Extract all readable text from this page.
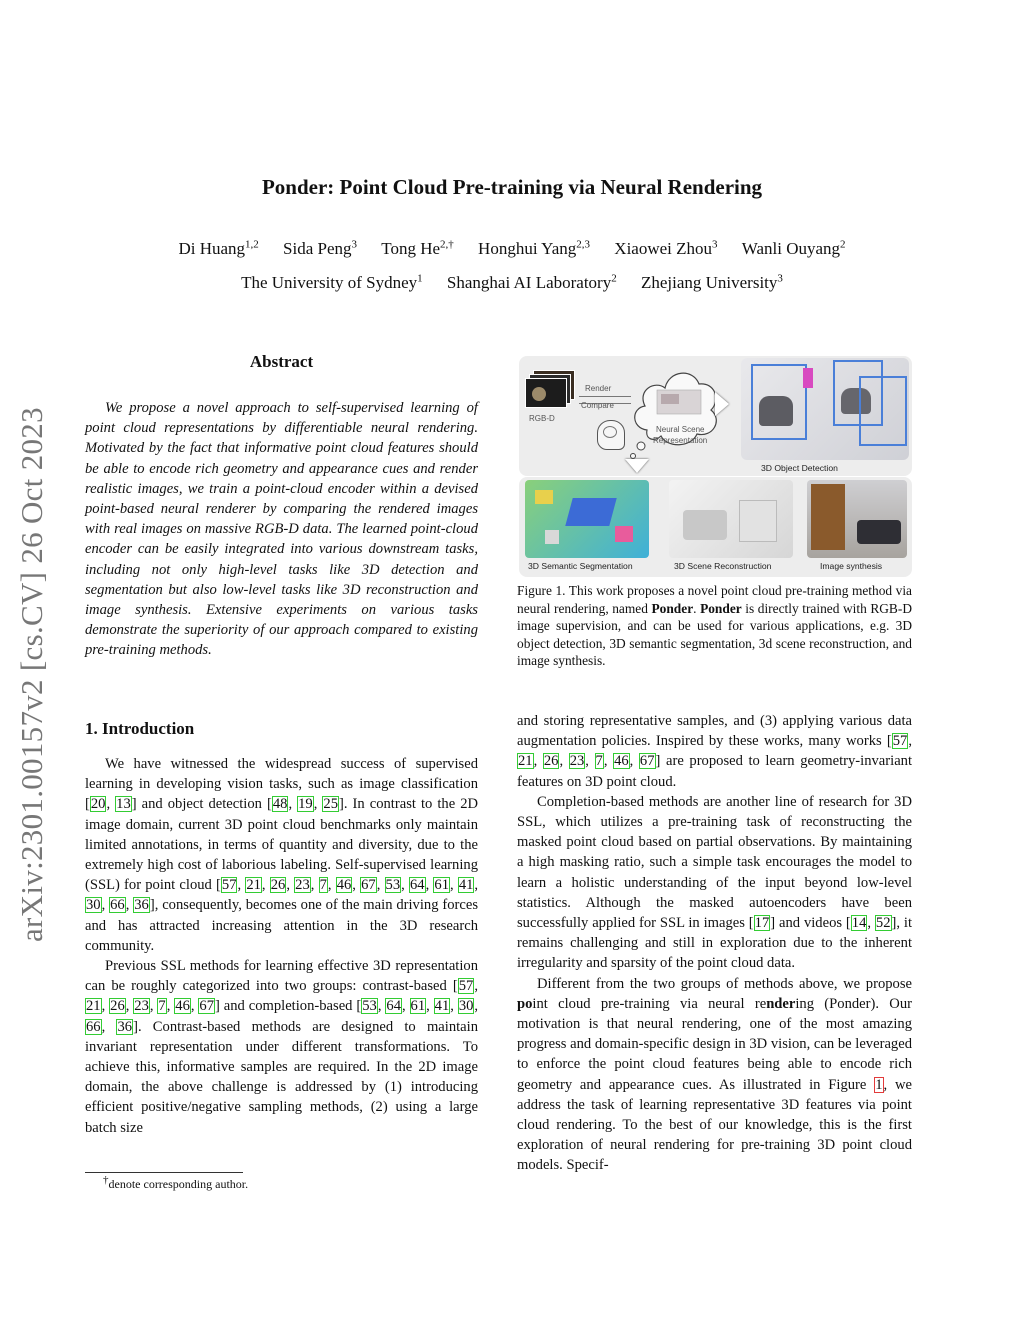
Ponder: Point Cloud Pre-training via Neural Rendering
Di Huang$^{1,2}$ Sida Peng$^3$ Tong $He^{2,\dagger}$ Honghui Yang$^{2,3}$ Xiaowei Zhou$^3$ Wanli Ouyang$^2$
The University of Sydney$^1$ Shanghai AI Laboratory$^2$ Zhejiang University$^3$
arXiv:2301.00157v2 [cs.CV] 26 Oct 2023
Abstract

We propose a novel approach to self-supervised learning of point cloud representations by differentiable neural rendering. Motivated by the fact that informative point cloud features should be able to encode rich geometry and appearance cues and render realistic images, we train a point-cloud encoder within a devised point-based neural renderer by comparing the rendered images with real images on massive RGB-D data. The learned point-cloud encoder can be easily integrated into various downstream tasks, including not only high-level tasks like 3D detection and segmentation but also low-level tasks like 3D reconstruction and image synthesis. Extensive experiments on various tasks demonstrate the superiority of our approach compared to existing pre-training methods.

RGB-D
Render
Compare
Neural Scene
Representation
3D Object Detection
3D Semantic Segmentation	3D Scene Reconstruction	Image synthesis
Figure 1. This work proposes a novel point cloud pre-training method via neural rendering, named Ponder. Ponder is directly trained with RGB-D image supervision, and can be used for various applications, e.g. 3D object detection, 3D semantic segmentation, 3d scene reconstruction, and image synthesis.
1. Introduction

We have witnessed the widespread success of supervised learning in developing vision tasks, such as image classification [20, 13] and object detection [48, 19, 25]. In contrast to the 2D image domain, current 3D point cloud benchmarks only maintain limited annotations, in terms of quantity and diversity, due to the extremely high cost of laborious labeling. Self-supervised learning (SSL) for point cloud [57, 21, 26, 23, 7, 46, 67, 53, 64, 61, 41, 30, 66, 36], consequently, becomes one of the main driving forces and has attracted increasing attention in the 3D research community.

Previous SSL methods for learning effective 3D representation can be roughly categorized into two groups: contrast-based [57, 21, 26, 23, 7, 46, 67] and completion-based [53, 64, 61, 41, 30, 66, 36]. Contrast-based methods are designed to maintain invariant representation under different transformations. To achieve this, informative samples are required. In the 2D image domain, the above challenge is addressed by (1) introducing efficient positive/negative sampling methods, (2) using a large batch size

and storing representative samples, and (3) applying various data augmentation policies. Inspired by these works, many works [57, 21, 26, 23, 7, 46, 67] are proposed to learn geometry-invariant features on 3D point cloud.

Completion-based methods are another line of research for 3D SSL, which utilizes a pre-training task of reconstructing the masked point cloud based on partial observations. By maintaining a high masking ratio, such a simple task encourages the model to learn a holistic understanding of the input beyond low-level statistics. Although the masked autoencoders have been successfully applied for SSL in images [17] and videos [14, 52], it remains challenging and still in exploration due to the inherent irregularity and sparsity of the point cloud data.

Different from the two groups of methods above, we propose point cloud pre-training via neural rendering (Ponder). Our motivation is that neural rendering, one of the most amazing progress and domain-specific design in 3D vision, can be leveraged to enforce the point cloud features being able to encode rich geometry and appearance cues. As illustrated in Figure 1, we address the task of learning representative 3D features via point cloud rendering. To the best of our knowledge, this is the first exploration of neural rendering for pre-training 3D point cloud models. Specif-

†denote corresponding author.
